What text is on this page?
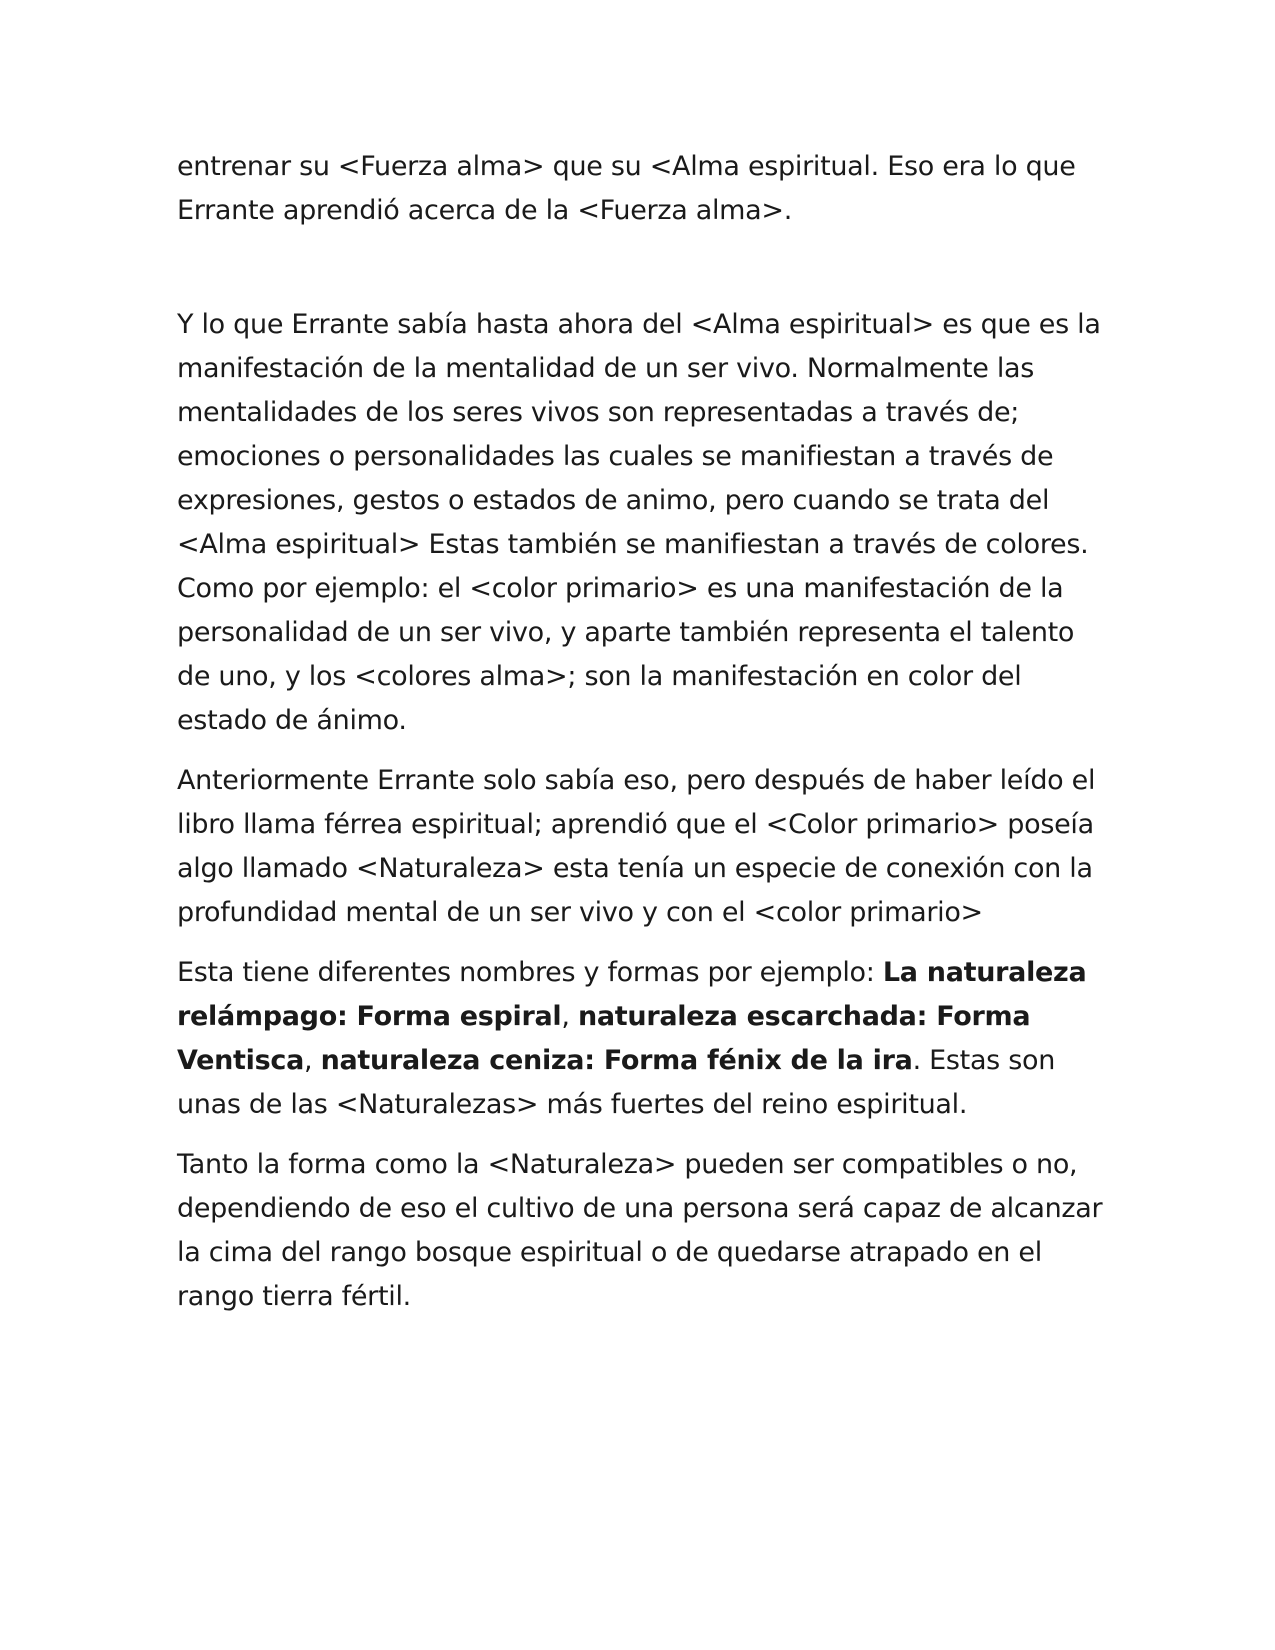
entrenar su <Fuerza alma> que su <Alma espiritual. Eso era lo que Errante aprendió acerca de la <Fuerza alma>.

Y lo que Errante sabía hasta ahora del <Alma espiritual> es que es la manifestación de la mentalidad de un ser vivo. Normalmente las mentalidades de los seres vivos son representadas a través de; emociones o personalidades las cuales se manifiestan a través de expresiones, gestos o estados de animo, pero cuando se trata del <Alma espiritual> Estas también se manifiestan a través de colores. Como por ejemplo: el <color primario> es una manifestación de la personalidad de un ser vivo, y aparte también representa el talento de uno, y los <colores alma>; son la manifestación en color del estado de ánimo.

Anteriormente Errante solo sabía eso, pero después de haber leído el libro llama férrea espiritual; aprendió que el <Color primario> poseía algo llamado <Naturaleza> esta tenía un especie de conexión con la profundidad mental de un ser vivo y con el <color primario>

Esta tiene diferentes nombres y formas por ejemplo: La naturaleza relámpago: Forma espiral, naturaleza escarchada: Forma Ventisca, naturaleza ceniza: Forma fénix de la ira. Estas son unas de las <Naturalezas> más fuertes del reino espiritual.

Tanto la forma como la <Naturaleza> pueden ser compatibles o no, dependiendo de eso el cultivo de una persona será capaz de alcanzar la cima del rango bosque espiritual o de quedarse atrapado en el rango tierra fértil.
